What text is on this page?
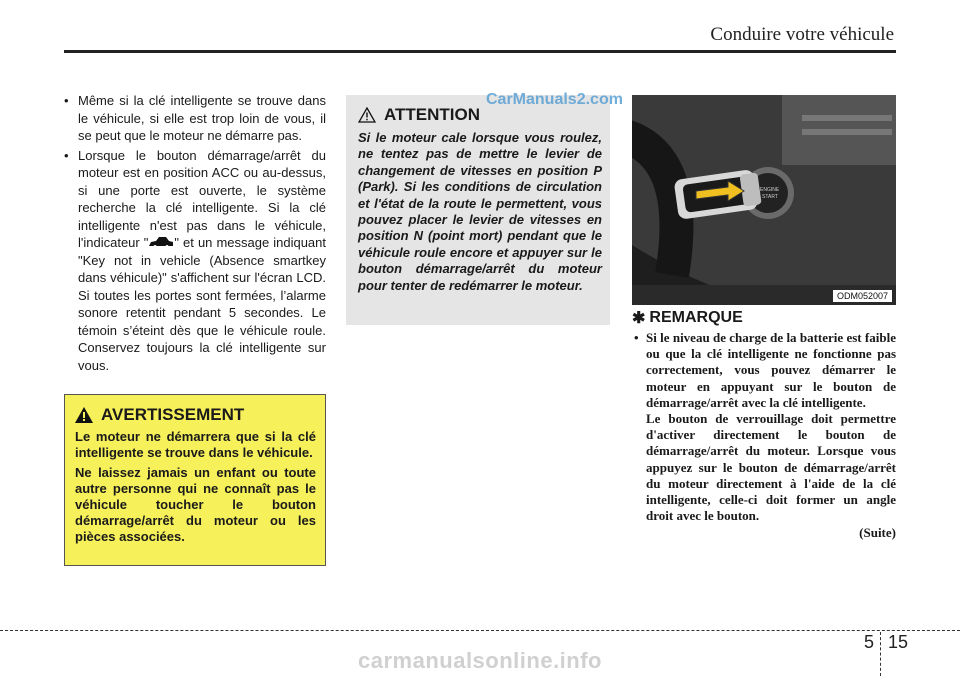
Conduire votre véhicule
• Même si la clé intelligente se trouve dans le véhicule, si elle est trop loin de vous, il se peut que le moteur ne démarre pas.
• Lorsque le bouton démarrage/arrêt du moteur est en position ACC ou au-dessus, si une porte est ouverte, le système recherche la clé intelligente. Si la clé intelligente n'est pas dans le véhicule, l'indicateur " " et un message indiquant "Key not in vehicle (Absence smartkey dans véhicule)" s'affichent sur l'écran LCD. Si toutes les portes sont fermées, l’alarme sonore retentit pendant 5 secondes. Le témoin s’éteint dès que le véhicule roule. Conservez toujours la clé intelligente sur vous.
AVERTISSEMENT

Le moteur ne démarrera que si la clé intelligente se trouve dans le véhicule.

Ne laissez jamais un enfant ou toute autre personne qui ne connaît pas le véhicule toucher le bouton démarrage/arrêt du moteur ou les pièces associées.

ATTENTION
Si le moteur cale lorsque vous roulez, ne tentez pas de mettre le levier de changement de vitesses en position P (Park). Si les conditions de circulation et l'état de la route le permettent, vous pouvez placer le levier de vitesses en position N (point mort) pendant que le véhicule roule encore et appuyer sur le bouton démarrage/arrêt du moteur pour tenter de redémarrer le moteur.
CarManuals2.com
ENGINE
START
ODM052007
✱ REMARQUE

• Si le niveau de charge de la batterie est faible ou que la clé intelligente ne fonctionne pas correctement, vous pouvez démarrer le moteur en appuyant sur le bouton de démarrage/arrêt avec la clé intelligente.

Le bouton de verrouillage doit permettre d'activer directement le bouton de démarrage/arrêt du moteur. Lorsque vous appuyez sur le bouton de démarrage/arrêt du moteur directement à l'aide de la clé intelligente, celle-ci doit former un angle droit avec le bouton.

(Suite)
5 15
carmanualsonline.info
